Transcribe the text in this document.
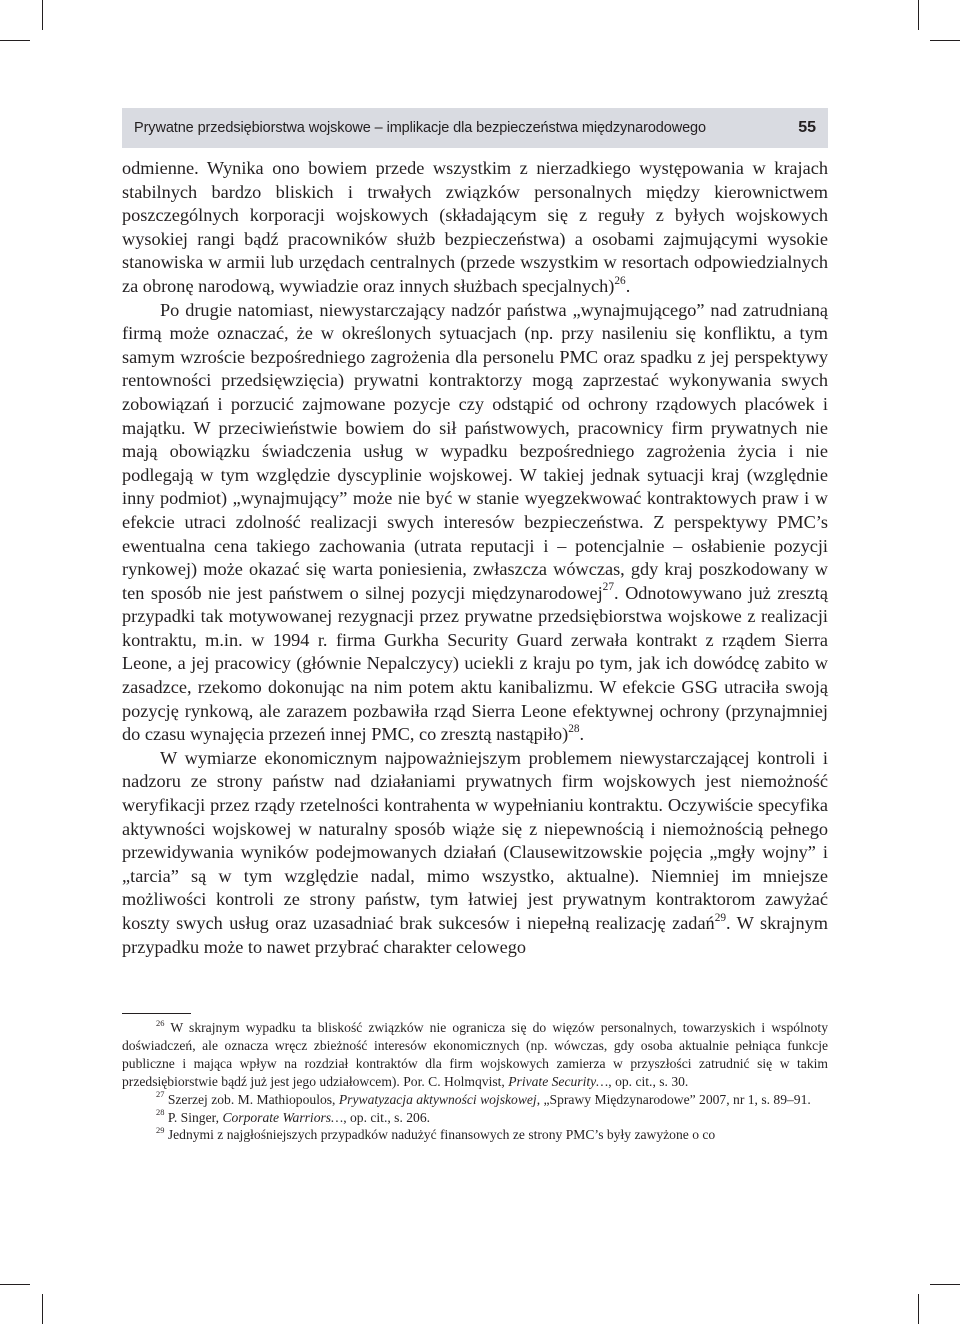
Prywatne przedsiębiorstwa wojskowe – implikacje dla bezpieczeństwa międzynarodowego	55

odmienne. Wynika ono bowiem przede wszystkim z nierzadkiego występowania w krajach stabilnych bardzo bliskich i trwałych związków personalnych między kierownictwem poszczególnych korporacji wojskowych (składającym się z reguły z byłych wojskowych wysokiej rangi bądź pracowników służb bezpieczeństwa) a osobami zajmującymi wysokie stanowiska w armii lub urzędach centralnych (przede wszystkim w resortach odpowiedzialnych za obronę narodową, wywiadzie oraz innych służbach specjalnych)$^{26}$.

Po drugie natomiast, niewystarczający nadzór państwa „wynajmującego” nad zatrudnianą firmą może oznaczać, że w określonych sytuacjach (np. przy nasileniu się konfliktu, a tym samym wzroście bezpośredniego zagrożenia dla personelu PMC oraz spadku z jej perspektywy rentowności przedsięwzięcia) prywatni kontraktorzy mogą zaprzestać wykonywania swych zobowiązań i porzucić zajmowane pozycje czy odstąpić od ochrony rządowych placówek i majątku. W przeciwieństwie bowiem do sił państwowych, pracownicy firm prywatnych nie mają obowiązku świadczenia usług w wypadku bezpośredniego zagrożenia życia i nie podlegają w tym względzie dyscyplinie wojskowej. W takiej jednak sytuacji kraj (względnie inny podmiot) „wynajmujący” może nie być w stanie wyegzekwować kontraktowych praw i w efekcie utraci zdolność realizacji swych interesów bezpieczeństwa. Z perspektywy PMC’s ewentualna cena takiego zachowania (utrata reputacji i – potencjalnie – osłabienie pozycji rynkowej) może okazać się warta poniesienia, zwłaszcza wówczas, gdy kraj poszkodowany w ten sposób nie jest państwem o silnej pozycji międzynarodowej$^{27}$. Odnotowywano już zresztą przypadki tak motywowanej rezygnacji przez prywatne przedsiębiorstwa wojskowe z realizacji kontraktu, m.in. w 1994 r. firma Gurkha Security Guard zerwała kontrakt z rządem Sierra Leone, a jej pracowicy (głównie Nepalczycy) uciekli z kraju po tym, jak ich dowódcę zabito w zasadzce, rzekomo dokonując na nim potem aktu kanibalizmu. W efekcie GSG utraciła swoją pozycję rynkową, ale zarazem pozbawiła rząd Sierra Leone efektywnej ochrony (przynajmniej do czasu wynajęcia przezeń innej PMC, co zresztą nastąpiło)$^{28}$.

W wymiarze ekonomicznym najpoważniejszym problemem niewystarczającej kontroli i nadzoru ze strony państw nad działaniami prywatnych firm wojskowych jest niemożność weryfikacji przez rządy rzetelności kontrahenta w wypełnianiu kontraktu. Oczywiście specyfika aktywności wojskowej w naturalny sposób wiąże się z niepewnością i niemożnością pełnego przewidywania wyników podejmowanych działań (Clausewitzowskie pojęcia „mgły wojny” i „tarcia” są w tym względzie nadal, mimo wszystko, aktualne). Niemniej im mniejsze możliwości kontroli ze strony państw, tym łatwiej jest prywatnym kontraktorom zawyżać koszty swych usług oraz uzasadniać brak sukcesów i niepełną realizację zadań$^{29}$. W skrajnym przypadku może to nawet przybrać charakter celowego

$^{26}$ W skrajnym wypadku ta bliskość związków nie ogranicza się do więzów personalnych, towarzyskich i wspólnoty doświadczeń, ale oznacza wręcz zbieżność interesów ekonomicznych (np. wówczas, gdy osoba aktualnie pełniąca funkcje publiczne i mająca wpływ na rozdział kontraktów dla firm wojskowych zamierza w przyszłości zatrudnić się w takim przedsiębiorstwie bądź już jest jego udziałowcem). Por. C. Holmqvist, Private Security…, op. cit., s. 30.

$^{27}$ Szerzej zob. M. Mathiopoulos, Prywatyzacja aktywności wojskowej, „Sprawy Międzynarodowe” 2007, nr 1, s. 89–91.

$^{28}$ P. Singer, Corporate Warriors…, op. cit., s. 206.

$^{29}$ Jednymi z najgłośniejszych przypadków nadużyć finansowych ze strony PMC’s były zawyżone o co
